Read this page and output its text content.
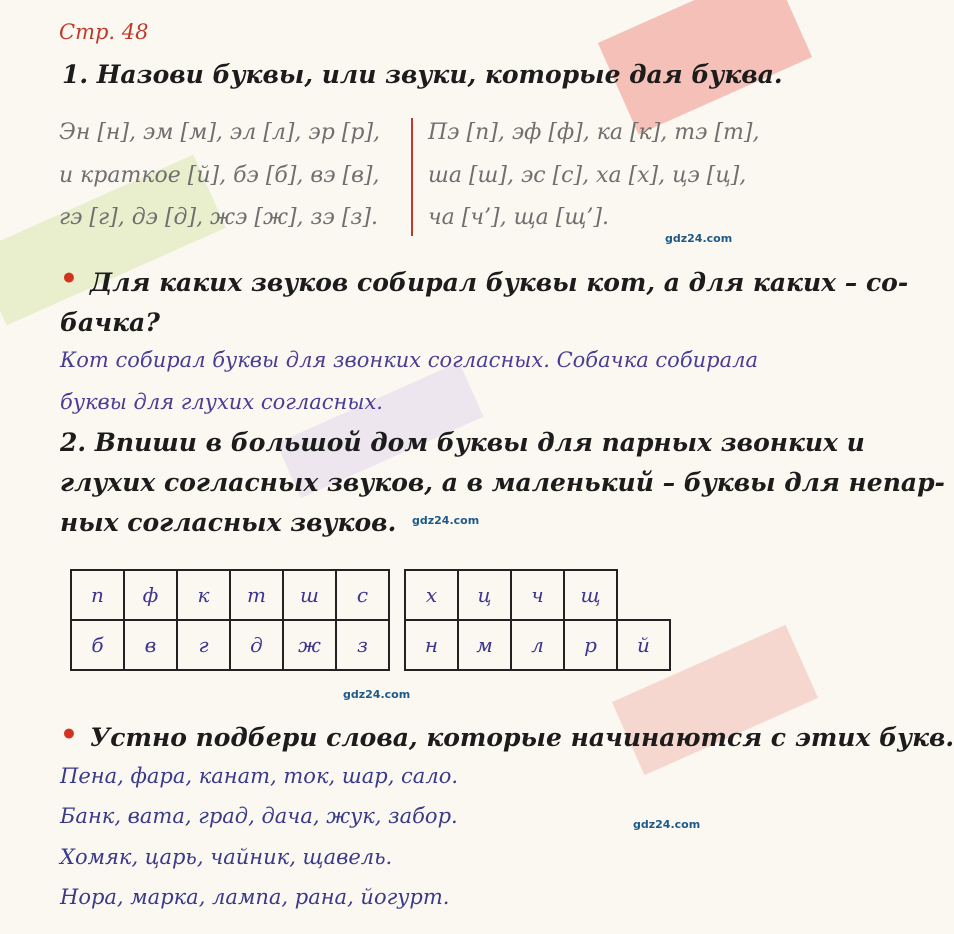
Стр. 48
1. Назови буквы, или звуки, которые дая буква.
Эн [н], эм [м], эл [л], эр [р],
и краткое [й], бэ [б], вэ [в],
гэ [г], дэ [д], жэ [ж], зэ [з].
Пэ [п], эф [ф], ка [к], тэ [т],
ша [ш], эс [с], ха [х], цэ [ц],
ча [ч’], ща [щ’].
gdz24.com
• Для каких звуков собирал буквы кот, а для каких – со-
бачка?
Кот собирал буквы для звонких согласных. Собачка собирала
буквы для глухих согласных.
2. Впиши в большой дом буквы для парных звонких и
глухих согласных звуков, а в маленький – буквы для непар-
ных согласных звуков. gdz24.com
п	ф	к	т	ш	с
б	в	г	д	ж	з
х	ц	ч	щ	
н	м	л	р	й
gdz24.com
• Устно подбери слова, которые начинаются с этих букв.
Пена, фара, канат, ток, шар, сало.
Банк, вата, град, дача, жук, забор.	gdz24.com
Хомяк, царь, чайник, щавель.
Нора, марка, лампа, рана, йогурт.
